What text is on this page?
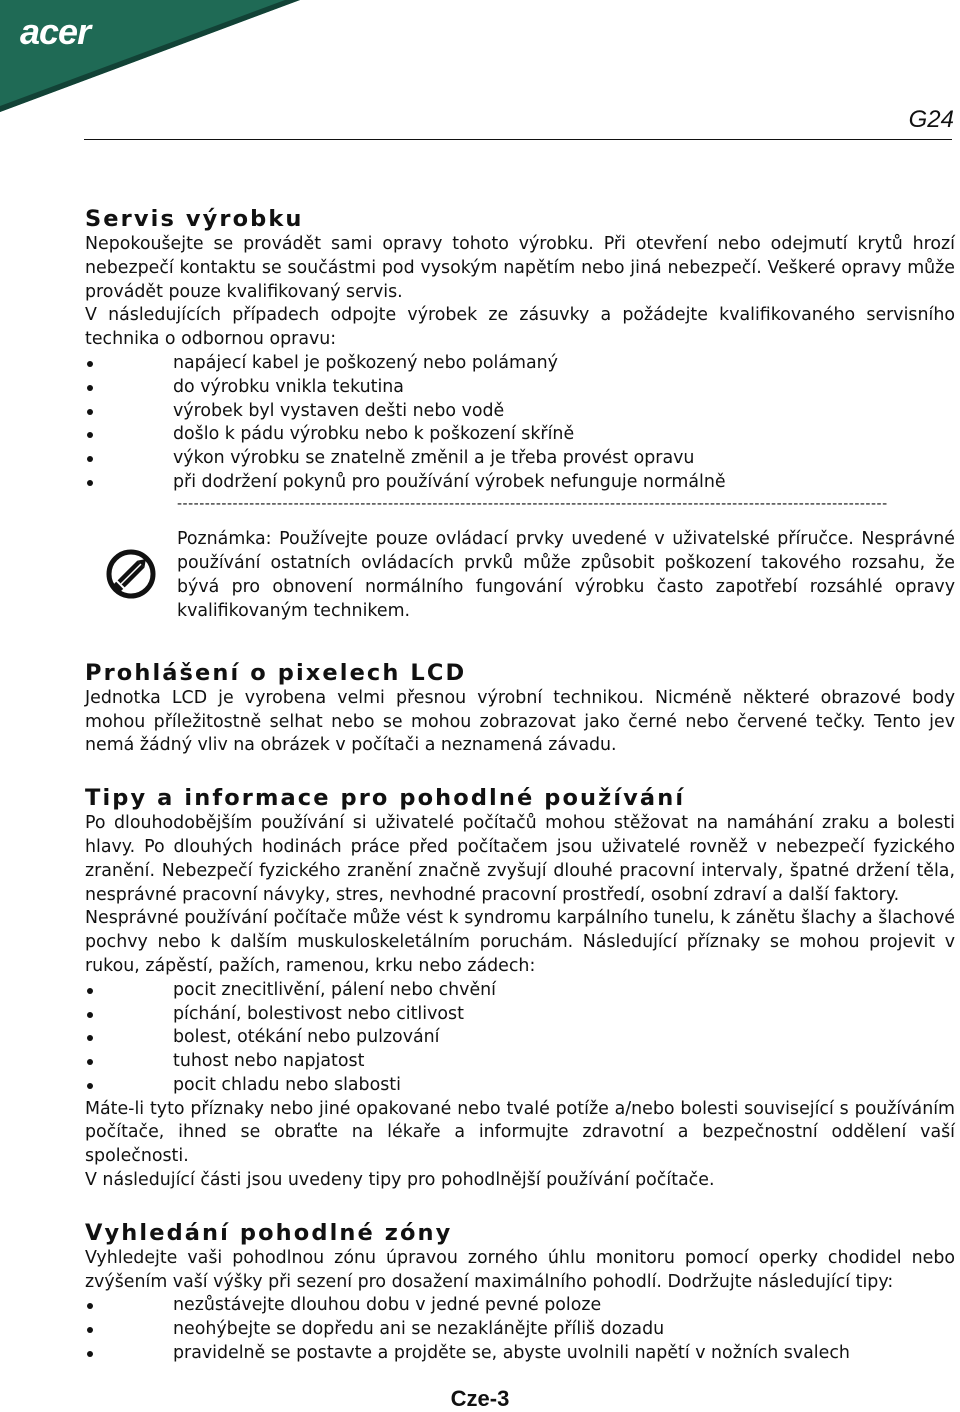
acer
G24
Servis výrobku

Nepokoušejte se provádět sami opravy tohoto výrobku. Při otevření nebo odejmutí krytů hrozí nebezpečí kontaktu se součástmi pod vysokým napětím nebo jiná nebezpečí. Veškeré opravy může provádět pouze kvalifikovaný servis.

V následujících případech odpojte výrobek ze zásuvky a požádejte kvalifikovaného servisního technika o odbornou opravu:

napájecí kabel je poškozený nebo polámaný
do výrobku vnikla tekutina
výrobek byl vystaven dešti nebo vodě
došlo k pádu výrobku nebo k poškození skříně
výkon výrobku se znatelně změnil a je třeba provést opravu
při dodržení pokynů pro používání výrobek nefunguje normálně
--------------------------------------------------------------------------------------------------------------------------------

Poznámka: Používejte pouze ovládací prvky uvedené v uživatelské příručce. Nesprávné používání ostatních ovládacích prvků může způsobit poškození takového rozsahu, že bývá pro obnovení normálního fungování výrobku často zapotřebí rozsáhlé opravy kvalifikovaným technikem.

Prohlášení o pixelech LCD

Jednotka LCD je vyrobena velmi přesnou výrobní technikou. Nicméně některé obrazové body mohou příležitostně selhat nebo se mohou zobrazovat jako černé nebo červené tečky. Tento jev nemá žádný vliv na obrázek v počítači a neznamená závadu.

Tipy a informace pro pohodlné používání

Po dlouhodobějším používání si uživatelé počítačů mohou stěžovat na namáhání zraku a bolesti hlavy. Po dlouhých hodinách práce před počítačem jsou uživatelé rovněž v nebezpečí fyzického zranění. Nebezpečí fyzického zranění značně zvyšují dlouhé pracovní intervaly, špatné držení těla, nesprávné pracovní návyky, stres, nevhodné pracovní prostředí, osobní zdraví a další faktory.

Nesprávné používání počítače může vést k syndromu karpálního tunelu, k zánětu šlachy a šlachové pochvy nebo k dalším muskuloskeletálním poruchám. Následující příznaky se mohou projevit v rukou, zápěstí, pažích, ramenou, krku nebo zádech:

pocit znecitlivění, pálení nebo chvění
píchání, bolestivost nebo citlivost
bolest, otékání nebo pulzování
tuhost nebo napjatost
pocit chladu nebo slabosti

Máte-li tyto příznaky nebo jiné opakované nebo tvalé potíže a/nebo bolesti související s používáním počítače, ihned se obraťte na lékaře a informujte zdravotní a bezpečnostní oddělení vaší společnosti.

V následující části jsou uvedeny tipy pro pohodlnější používání počítače.

Vyhledání pohodlné zóny

Vyhledejte vaši pohodlnou zónu úpravou zorného úhlu monitoru pomocí operky chodidel nebo zvýšením vaší výšky při sezení pro dosažení maximálního pohodlí. Dodržujte následující tipy:

nezůstávejte dlouhou dobu v jedné pevné poloze
neohýbejte se dopředu ani se nezaklánějte příliš dozadu
pravidelně se postavte a projděte se, abyste uvolnili napětí v nožních svalech
Cze-3
